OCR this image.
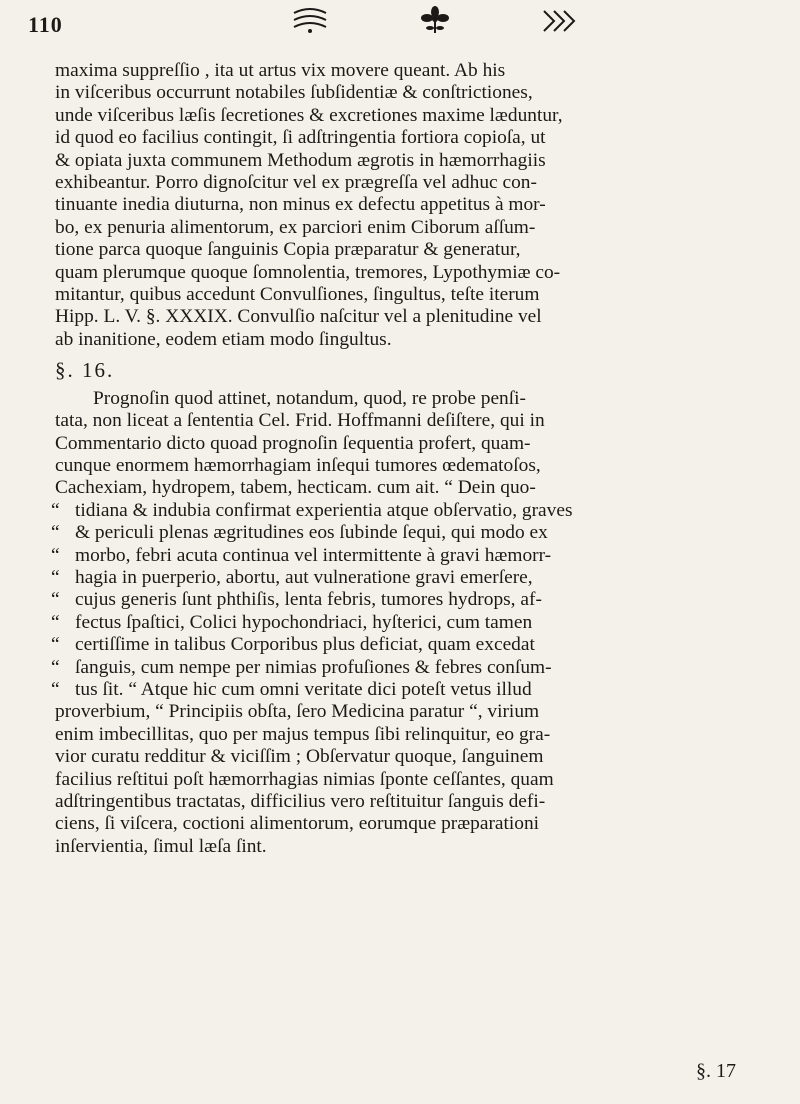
110

maxima suppreſſio , ita ut artus vix movere queant. Ab his
in viſceribus occurrunt notabiles ſubſidentiæ & conſtrictiones,
unde viſceribus læſis ſecretiones & excretiones maxime læduntur,
id quod eo facilius contingit, ſi adſtringentia fortiora copioſa, ut
& opiata juxta communem Methodum ægrotis in hæmorrhagiis
exhibeantur. Porro dignoſcitur vel ex prægreſſa vel adhuc con-
tinuante inedia diuturna, non minus ex defectu appetitus à mor-
bo, ex penuria alimentorum, ex parciori enim Ciborum aſſum-
tione parca quoque ſanguinis Copia præparatur & generatur,
quam plerumque quoque ſomnolentia, tremores, Lypothymiæ co-
mitantur, quibus accedunt Convulſiones, ſingultus, teſte iterum
Hipp. L. V. §. XXXIX. Convulſio naſcitur vel a plenitudine vel
ab inanitione, eodem etiam modo ſingultus.

§. 16.

Prognoſin quod attinet, notandum, quod, re probe penſi-
tata, non liceat a ſententia Cel. Frid. Hoffmanni deſiſtere, qui in
Commentario dicto quoad prognoſin ſequentia profert, quam-
cunque enormem hæmorrhagiam inſequi tumores œdematoſos,
Cachexiam, hydropem, tabem, hecticam. cum ait. “ Dein quo-

“ tidiana & indubia confirmat experientia atque obſervatio, graves
“ & periculi plenas ægritudines eos ſubinde ſequi, qui modo ex
“ morbo, febri acuta continua vel intermittente à gravi hæmorr-
“ hagia in puerperio, abortu, aut vulneratione gravi emerſere,
“ cujus generis ſunt phthiſis, lenta febris, tumores hydrops, af-
“ fectus ſpaſtici, Colici hypochondriaci, hyſterici, cum tamen
“ certiſſime in talibus Corporibus plus deficiat, quam excedat
“ ſanguis, cum nempe per nimias profuſiones & febres conſum-
“ tus ſit. “ Atque hic cum omni veritate dici poteſt vetus illud

proverbium, “ Principiis obſta, ſero Medicina paratur “, virium
enim imbecillitas, quo per majus tempus ſibi relinquitur, eo gra-
vior curatu redditur & viciſſim ; Obſervatur quoque, ſanguinem
facilius reſtitui poſt hæmorrhagias nimias ſponte ceſſantes, quam
adſtringentibus tractatas, difficilius vero reſtituitur ſanguis defi-
ciens, ſi viſcera, coctioni alimentorum, eorumque præparationi
inſervientia, ſimul læſa ſint.

§. 17
